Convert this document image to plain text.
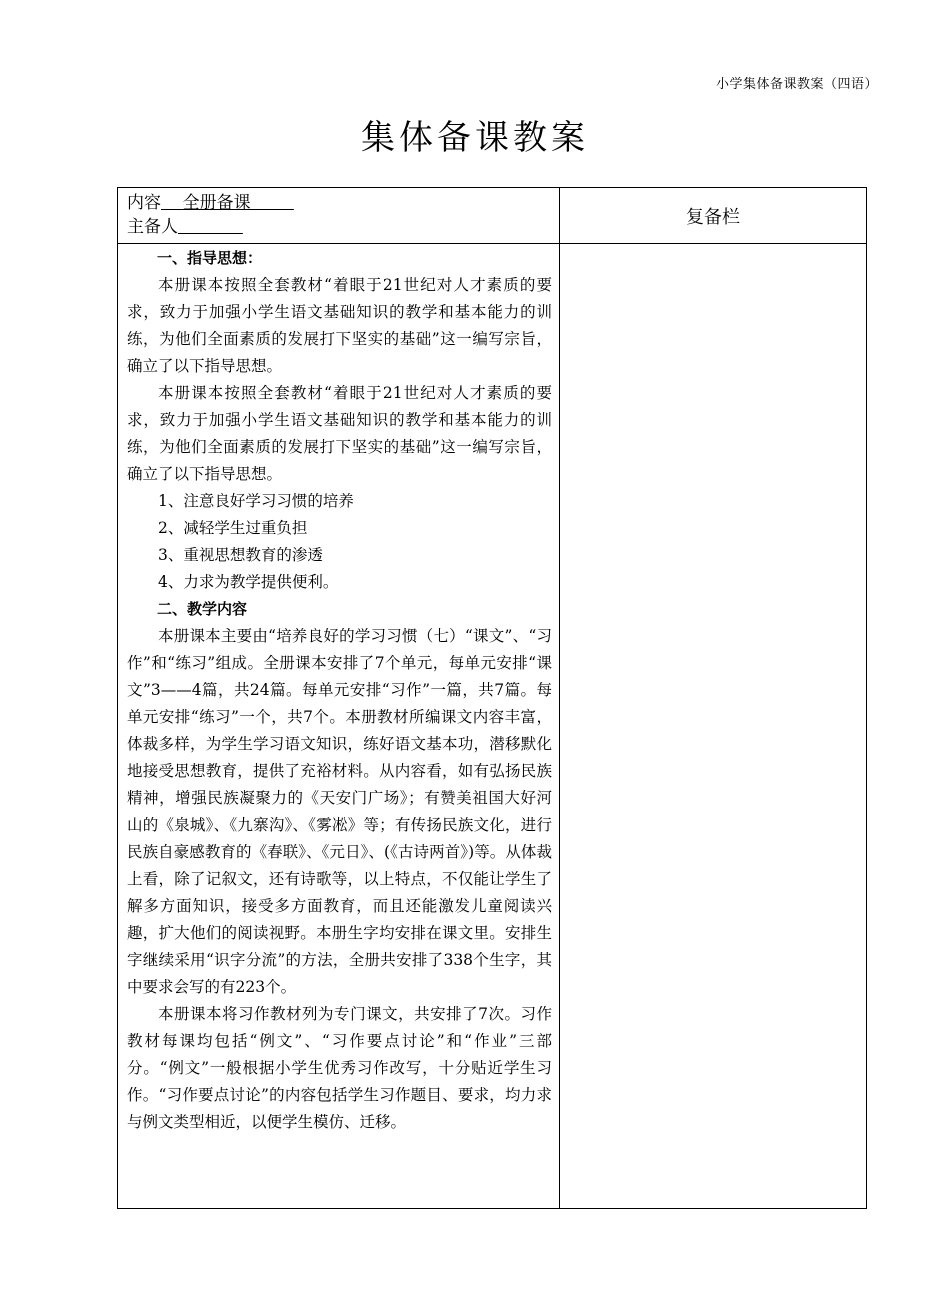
小学集体备课教案（四语）
集体备课教案
内容    全册备课
主备人	复备栏

一、指导思想：

本册课本按照全套教材“着眼于21世纪对人才素质的要求，致力于加强小学生语文基础知识的教学和基本能力的训练，为他们全面素质的发展打下坚实的基础”这一编写宗旨，确立了以下指导思想。

本册课本按照全套教材“着眼于21世纪对人才素质的要求，致力于加强小学生语文基础知识的教学和基本能力的训练，为他们全面素质的发展打下坚实的基础”这一编写宗旨，确立了以下指导思想。

1、注意良好学习习惯的培养

2、减轻学生过重负担

3、重视思想教育的渗透

4、力求为教学提供便利。

二、教学内容

本册课本主要由“培养良好的学习习惯（七）“课文”、“习作”和“练习”组成。全册课本安排了7个单元，每单元安排“课文”3——4篇，共24篇。每单元安排“习作”一篇，共7篇。每单元安排“练习”一个，共7个。本册教材所编课文内容丰富，体裁多样，为学生学习语文知识，练好语文基本功，潜移默化地接受思想教育，提供了充裕材料。从内容看，如有弘扬民族精神，增强民族凝聚力的《天安门广场》；有赞美祖国大好河山的《泉城》、《九寨沟》、《雾凇》等；有传扬民族文化，进行民族自豪感教育的《春联》、《元日》、(《古诗两首》)等。从体裁上看，除了记叙文，还有诗歌等，以上特点，不仅能让学生了解多方面知识，接受多方面教育，而且还能激发儿童阅读兴趣，扩大他们的阅读视野。本册生字均安排在课文里。安排生字继续采用“识字分流”的方法，全册共安排了338个生字，其中要求会写的有223个。

本册课本将习作教材列为专门课文，共安排了7次。习作教材每课均包括“例文”、“习作要点讨论”和“作业”三部分。“例文”一般根据小学生优秀习作改写，十分贴近学生习作。“习作要点讨论”的内容包括学生习作题目、要求，均力求与例文类型相近，以便学生模仿、迁移。
